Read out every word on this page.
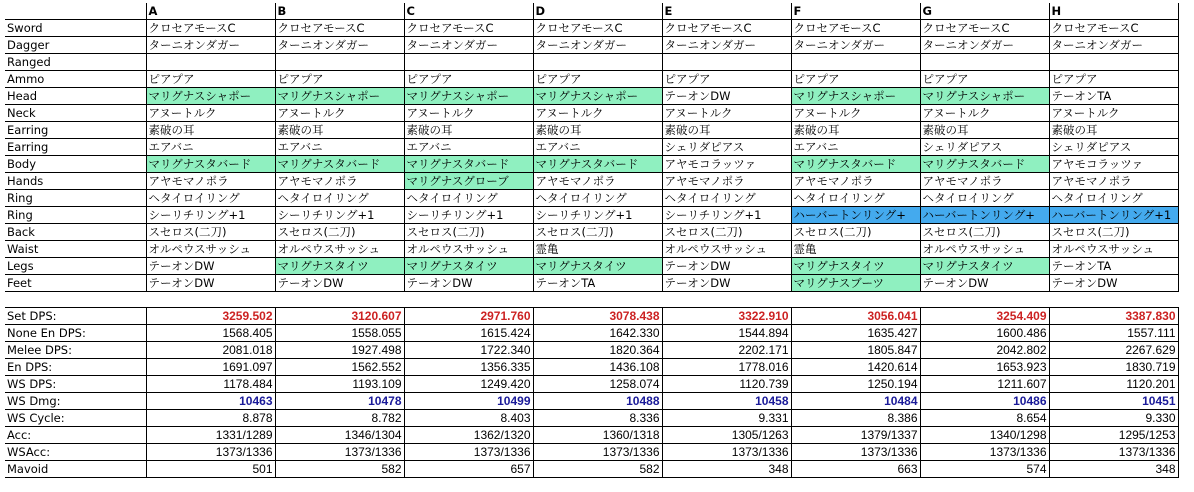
	A	B	C	D	E	F	G	H
Sword	クロセアモースC	クロセアモースC	クロセアモースC	クロセアモースC	クロセアモースC	クロセアモースC	クロセアモースC	クロセアモースC
Dagger	ターニオンダガー	ターニオンダガー	ターニオンダガー	ターニオンダガー	ターニオンダガー	ターニオンダガー	ターニオンダガー	ターニオンダガー
Ranged								
Ammo	ピアプア	ピアプア	ピアプア	ピアプア	ピアプア	ピアプア	ピアプア	ピアプア
Head	マリグナスシャポー	マリグナスシャポー	マリグナスシャポー	マリグナスシャポー	テーオンDW	マリグナスシャポー	マリグナスシャポー	テーオンTA
Neck	アヌートルク	アヌートルク	アヌートルク	アヌートルク	アヌートルク	アヌートルク	アヌートルク	アヌートルク
Earring	素破の耳	素破の耳	素破の耳	素破の耳	素破の耳	素破の耳	素破の耳	素破の耳
Earring	エアバニ	エアバニ	エアバニ	エアバニ	シェリダピアス	エアバニ	シェリダピアス	シェリダピアス
Body	マリグナスタバード	マリグナスタバード	マリグナスタバード	マリグナスタバード	アヤモコラッツァ	マリグナスタバード	マリグナスタバード	アヤモコラッツァ
Hands	アヤモマノポラ	アヤモマノポラ	マリグナスグローブ	アヤモマノポラ	アヤモマノポラ	アヤモマノポラ	アヤモマノポラ	アヤモマノポラ
Ring	ヘタイロイリング	ヘタイロイリング	ヘタイロイリング	ヘタイロイリング	ヘタイロイリング	ヘタイロイリング	ヘタイロイリング	ヘタイロイリング
Ring	シーリチリング+1	シーリチリング+1	シーリチリング+1	シーリチリング+1	シーリチリング+1	ハーバートンリング+	ハーバートンリング+	ハーバートンリング+1
Back	スセロス(二刀)	スセロス(二刀)	スセロス(二刀)	スセロス(二刀)	スセロス(二刀)	スセロス(二刀)	スセロス(二刀)	スセロス(二刀)
Waist	オルペウスサッシュ	オルペウスサッシュ	オルペウスサッシュ	霊亀	オルペウスサッシュ	霊亀	オルペウスサッシュ	オルペウスサッシュ
Legs	テーオンDW	マリグナスタイツ	マリグナスタイツ	マリグナスタイツ	テーオンDW	マリグナスタイツ	マリグナスタイツ	テーオンTA
Feet	テーオンDW	テーオンDW	テーオンDW	テーオンTA	テーオンDW	マリグナスブーツ	テーオンDW	テーオンDW
Set DPS:	3259.502	3120.607	2971.760	3078.438	3322.910	3056.041	3254.409	3387.830
None En DPS:	1568.405	1558.055	1615.424	1642.330	1544.894	1635.427	1600.486	1557.111
Melee DPS:	2081.018	1927.498	1722.340	1820.364	2202.171	1805.847	2042.802	2267.629
En DPS:	1691.097	1562.552	1356.335	1436.108	1778.016	1420.614	1653.923	1830.719
WS DPS:	1178.484	1193.109	1249.420	1258.074	1120.739	1250.194	1211.607	1120.201
WS Dmg:	10463	10478	10499	10488	10458	10484	10486	10451
WS Cycle:	8.878	8.782	8.403	8.336	9.331	8.386	8.654	9.330
Acc:	1331/1289	1346/1304	1362/1320	1360/1318	1305/1263	1379/1337	1340/1298	1295/1253
WSAcc:	1373/1336	1373/1336	1373/1336	1373/1336	1373/1336	1373/1336	1373/1336	1373/1336
Mavoid	501	582	657	582	348	663	574	348
